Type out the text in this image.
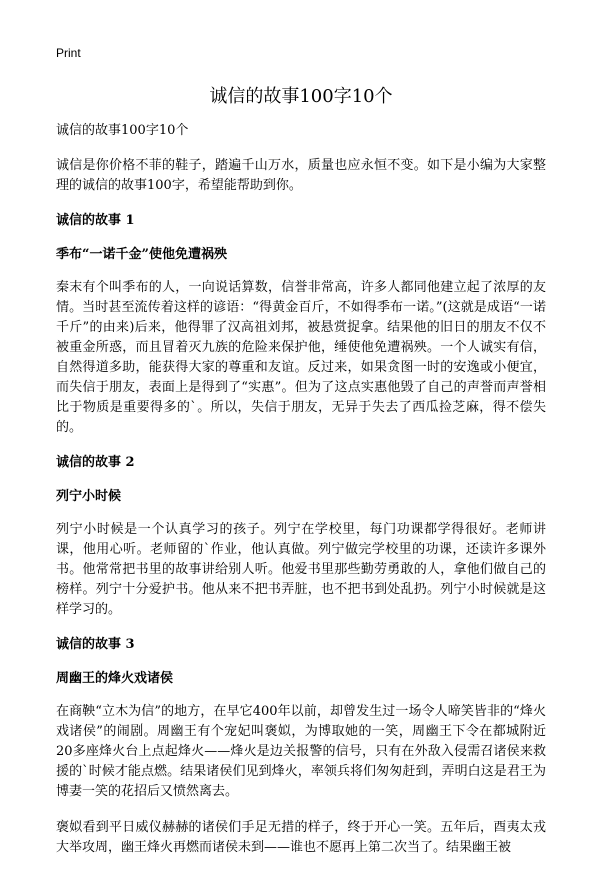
Print
诚信的故事100字10个

诚信的故事100字10个

诚信是你价格不菲的鞋子，踏遍千山万水，质量也应永恒不变。如下是小编为大家整理的诚信的故事100字，希望能帮助到你。

诚信的故事 1

季布“一诺千金”使他免遭祸殃

秦末有个叫季布的人，一向说话算数，信誉非常高，许多人都同他建立起了浓厚的友情。当时甚至流传着这样的谚语：“得黄金百斤，不如得季布一诺。”(这就是成语“一诺千斤”的由来)后来，他得罪了汉高祖刘邦，被悬赏捉拿。结果他的旧日的朋友不仅不被重金所惑，而且冒着灭九族的危险来保护他，缍使他免遭祸殃。一个人诚实有信，自然得道多助，能获得大家的尊重和友谊。反过来，如果贪图一时的安逸或小便宜，而失信于朋友，表面上是得到了“实惠”。但为了这点实惠他毁了自己的声誉而声誉相比于物质是重要得多的`。所以，失信于朋友，无异于失去了西瓜捡芝麻，得不偿失的。

诚信的故事 2

列宁小时候

列宁小时候是一个认真学习的孩子。列宁在学校里，每门功课都学得很好。老师讲课，他用心听。老师留的`作业，他认真做。列宁做完学校里的功课，还读许多课外书。他常常把书里的故事讲给别人听。他爱书里那些勤劳勇敢的人，拿他们做自己的榜样。列宁十分爱护书。他从来不把书弄脏，也不把书到处乱扔。列宁小时候就是这样学习的。

诚信的故事 3

周幽王的烽火戏诸侯

在商鞅“立木为信”的地方，在早它400年以前，却曾发生过一场令人啼笑皆非的“烽火戏诸侯”的闹剧。周幽王有个宠妃叫褒姒，为博取她的一笑，周幽王下令在都城附近20多座烽火台上点起烽火——烽火是边关报警的信号，只有在外敌入侵需召诸侯来救援的`时候才能点燃。结果诸侯们见到烽火，率领兵将们匆匆赶到，弄明白这是君王为博妻一笑的花招后又愤然离去。

褒姒看到平日威仪赫赫的诸侯们手足无措的样子，终于开心一笑。五年后，酉夷太戎大举攻周，幽王烽火再燃而诸侯未到——谁也不愿再上第二次当了。结果幽王被
